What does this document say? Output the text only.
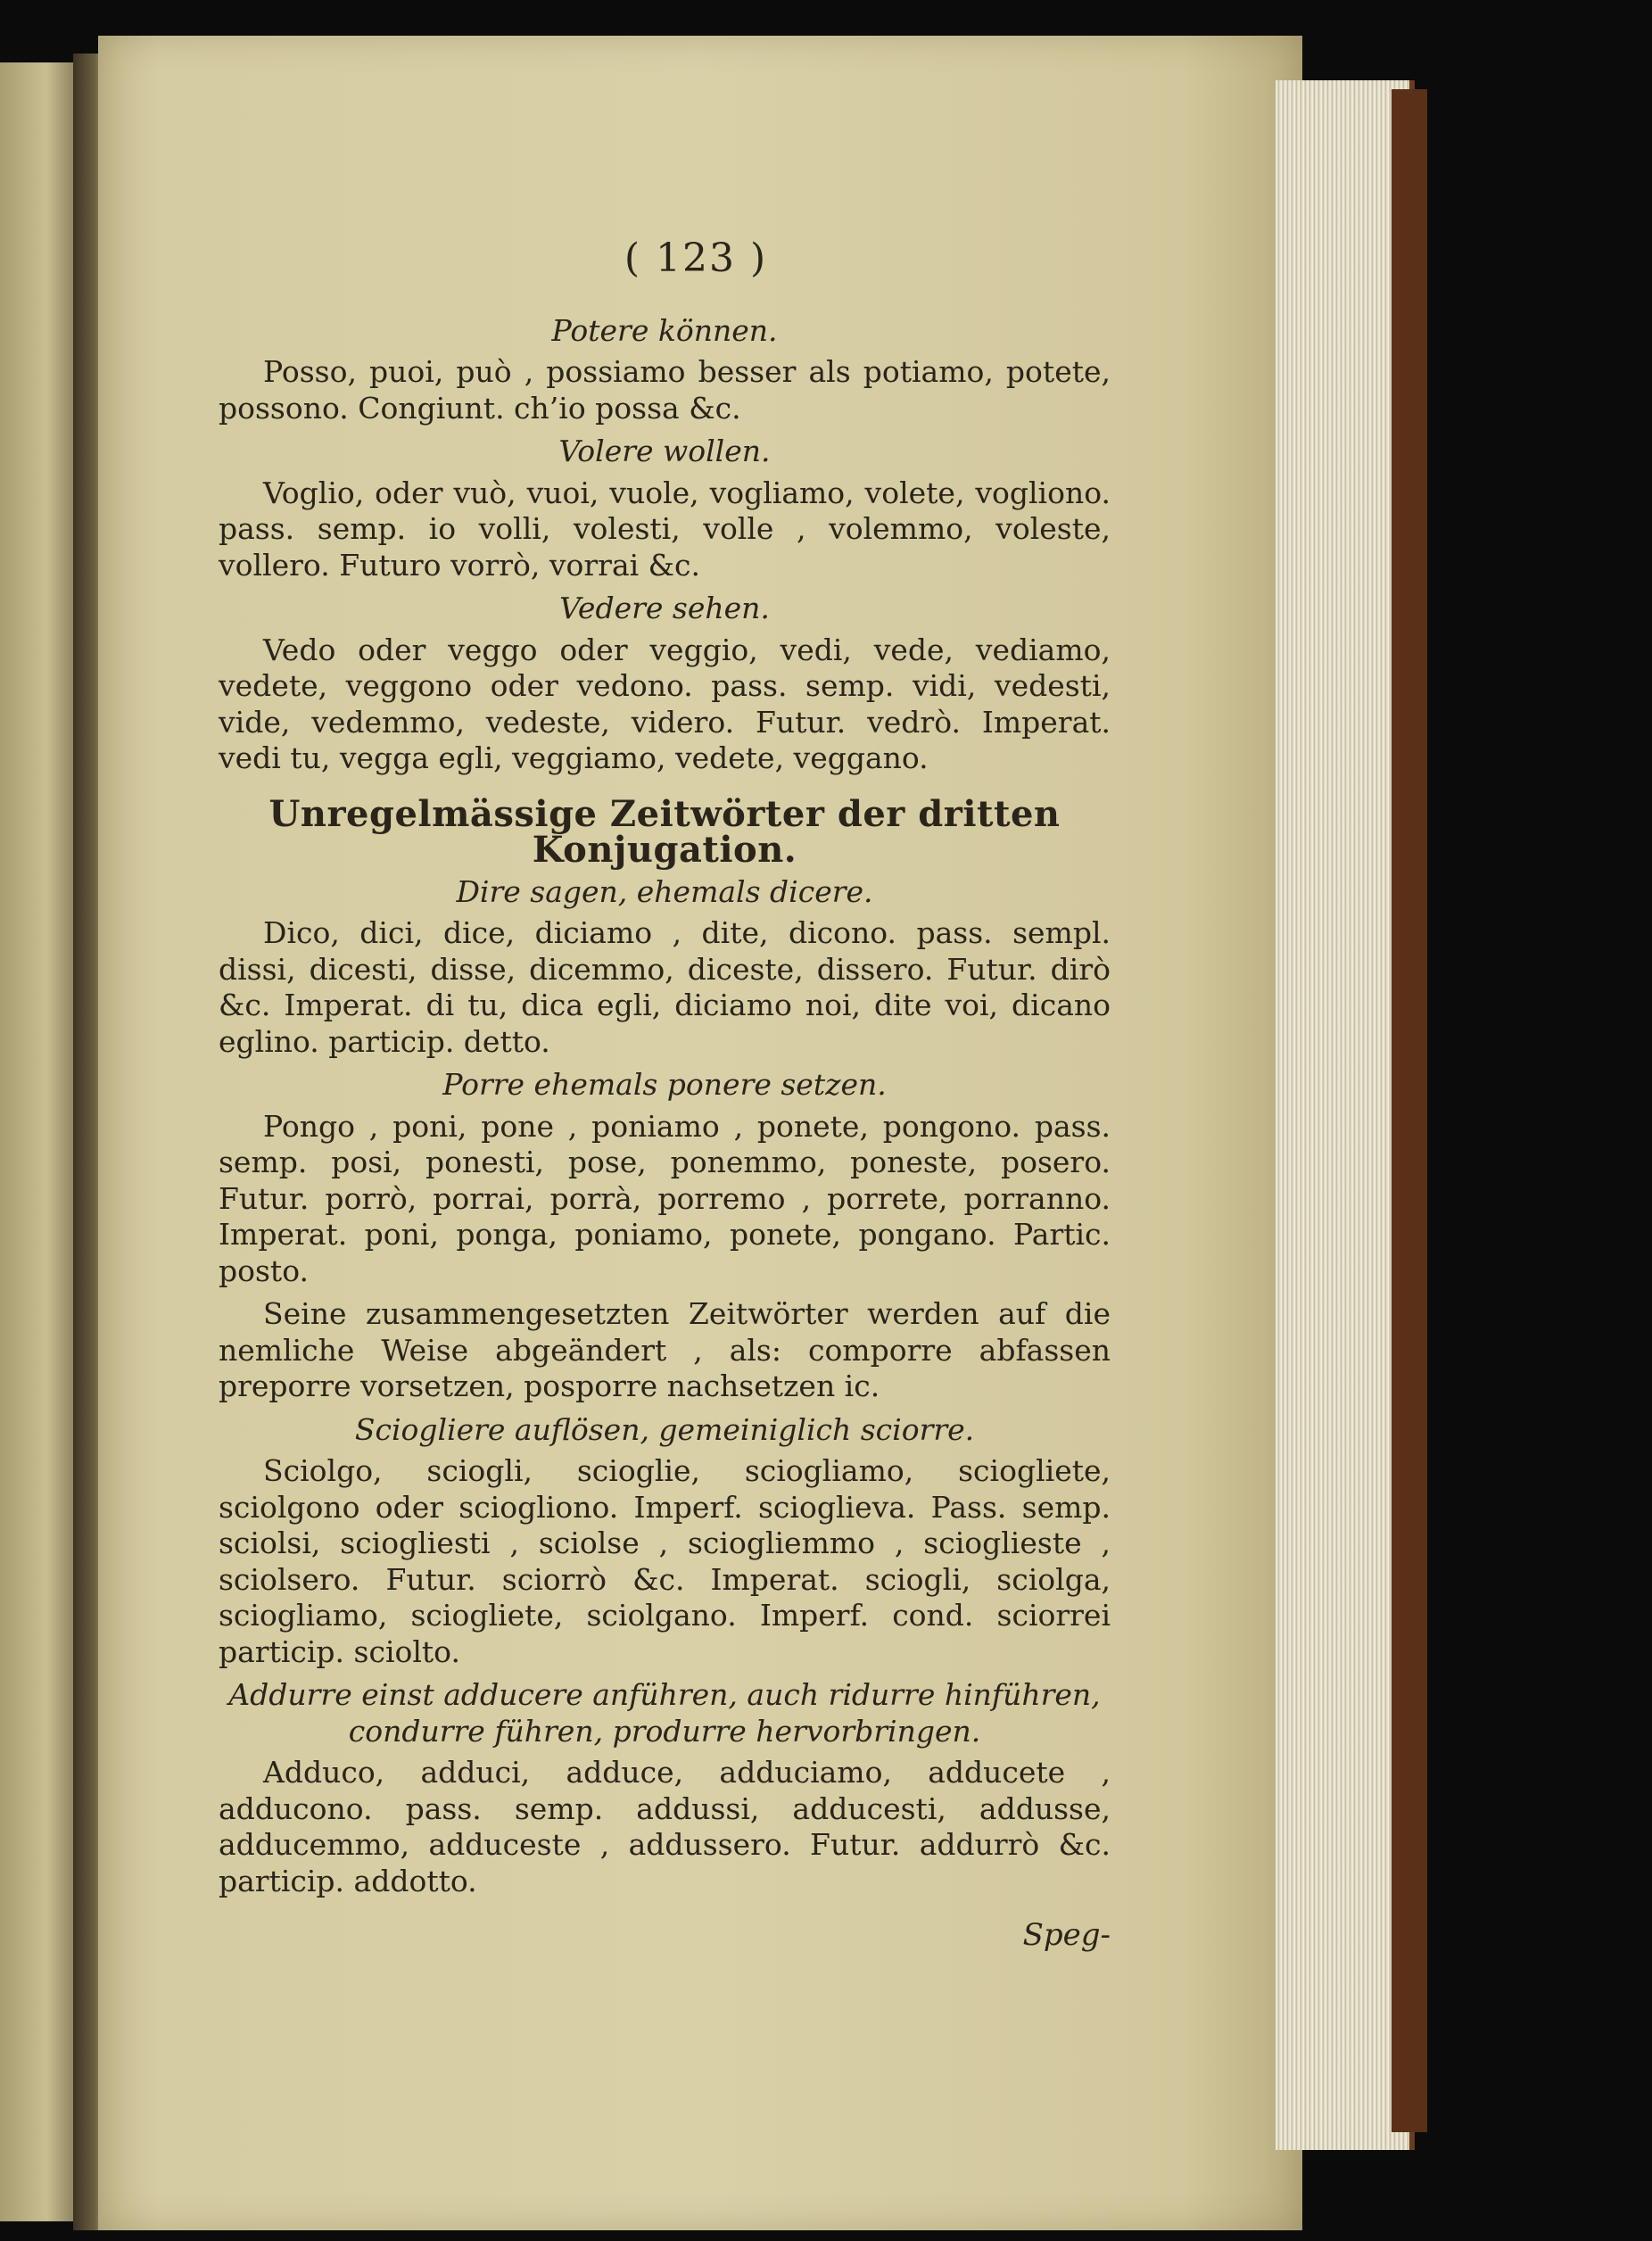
( 123 )
Potere können.
Posso, puoi, può , possiamo besser als potiamo, potete, possono. Congiunt. ch’io possa &c.
Volere wollen.
Voglio, oder vuò, vuoi, vuole, vogliamo, volete, vogliono. pass. semp. io volli, volesti, volle , volemmo, voleste, vollero. Futuro vorrò, vorrai &c.
Vedere sehen.
Vedo oder veggo oder veggio, vedi, vede, vediamo, vedete, veggono oder vedono. pass. semp. vidi, vedesti, vide, vedemmo, vedeste, videro. Futur. vedrò. Imperat. vedi tu, vegga egli, veggiamo, vedete, veggano.
Unregelmässige Zeitwörter der dritten Konjugation.
Dire sagen, ehemals dicere.
Dico, dici, dice, diciamo , dite, dicono. pass. sempl. dissi, dicesti, disse, dicemmo, diceste, dissero. Futur. dirò &c. Imperat. di tu, dica egli, diciamo noi, dite voi, dicano eglino. particip. detto.
Porre ehemals ponere setzen.
Pongo , poni, pone , poniamo , ponete, pongono. pass. semp. posi, ponesti, pose, ponemmo, poneste, posero. Futur. porrò, porrai, porrà, porremo , porrete, porranno. Imperat. poni, ponga, poniamo, ponete, pongano. Partic. posto.
Seine zusammengesetzten Zeitwörter werden auf die nemliche Weise abgeändert , als: comporre abfassen preporre vorsetzen, posporre nachsetzen ic.
Sciogliere auflösen, gemeiniglich sciorre.
Sciolgo, sciogli, scioglie, sciogliamo, sciogliete, sciolgono oder sciogliono. Imperf. scioglieva. Pass. semp. sciolsi, sciogliesti , sciolse , sciogliemmo , scioglieste , sciolsero. Futur. sciorrò &c. Imperat. sciogli, sciolga, sciogliamo, sciogliete, sciolgano. Imperf. cond. sciorrei particip. sciolto.
Addurre einst adducere anführen, auch ridurre hinführen, condurre führen, produrre hervorbringen.
Adduco, adduci, adduce, adduciamo, adducete , adducono. pass. semp. addussi, adducesti, addusse, adducemmo, adduceste , addussero. Futur. addurrò &c. particip. addotto.
Speg-
